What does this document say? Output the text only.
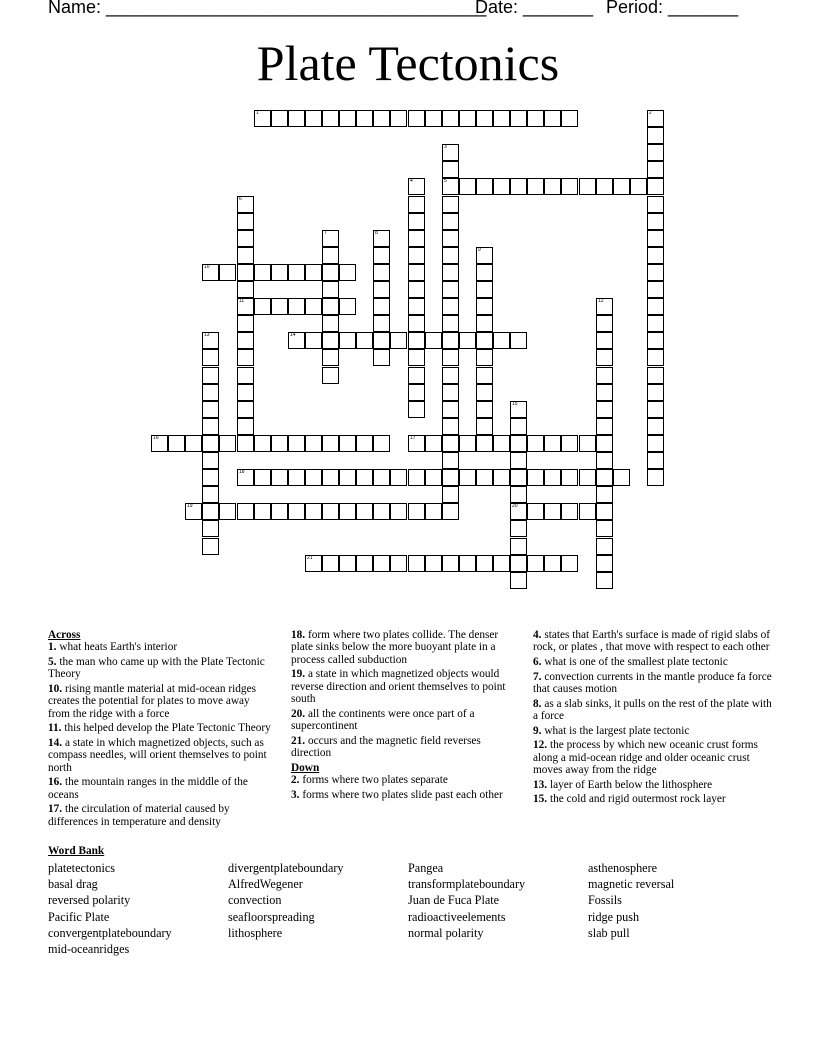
Name: ______________________________________
Date: _______ Period: _______
Plate Tectonics
1
5
10
11
14
16	17
18
19	20
21
2
3
4
6
7	8
9
12
13
15
Across
1. what heats Earth's interior
5. the man who came up with the Plate Tectonic Theory
10. rising mantle material at mid-ocean ridges creates the potential for plates to move away from the ridge with a force
11. this helped develop the Plate Tectonic Theory
14. a state in which magnetized objects, such as compass needles, will orient themselves to point north
16. the mountain ranges in the middle of the oceans
17. the circulation of material caused by differences in temperature and density
18. form where two plates collide. The denser plate sinks below the more buoyant plate in a process called subduction
19. a state in which magnetized objects would reverse direction and orient themselves to point south
20. all the continents were once part of a supercontinent
21. occurs and the magnetic field reverses direction
Down
2. forms where two plates separate
3. forms where two plates slide past each other
4. states that Earth's surface is made of rigid slabs of rock, or plates , that move with respect to each other
6. what is one of the smallest plate tectonic
7. convection currents in the mantle produce fa force that causes motion
8. as a slab sinks, it pulls on the rest of the plate with a force
9. what is the largest plate tectonic
12. the process by which new oceanic crust forms along a mid-ocean ridge and older oceanic crust moves away from the ridge
13. layer of Earth below the lithosphere
15. the cold and rigid outermost rock layer
Word Bank
platetectonics
basal drag
reversed polarity
Pacific Plate
convergentplateboundary
mid-oceanridges
divergentplateboundary
AlfredWegener
convection
seafloorspreading
lithosphere
Pangea
transformplateboundary
Juan de Fuca Plate
radioactiveelements
normal polarity
asthenosphere
magnetic reversal
Fossils
ridge push
slab pull
